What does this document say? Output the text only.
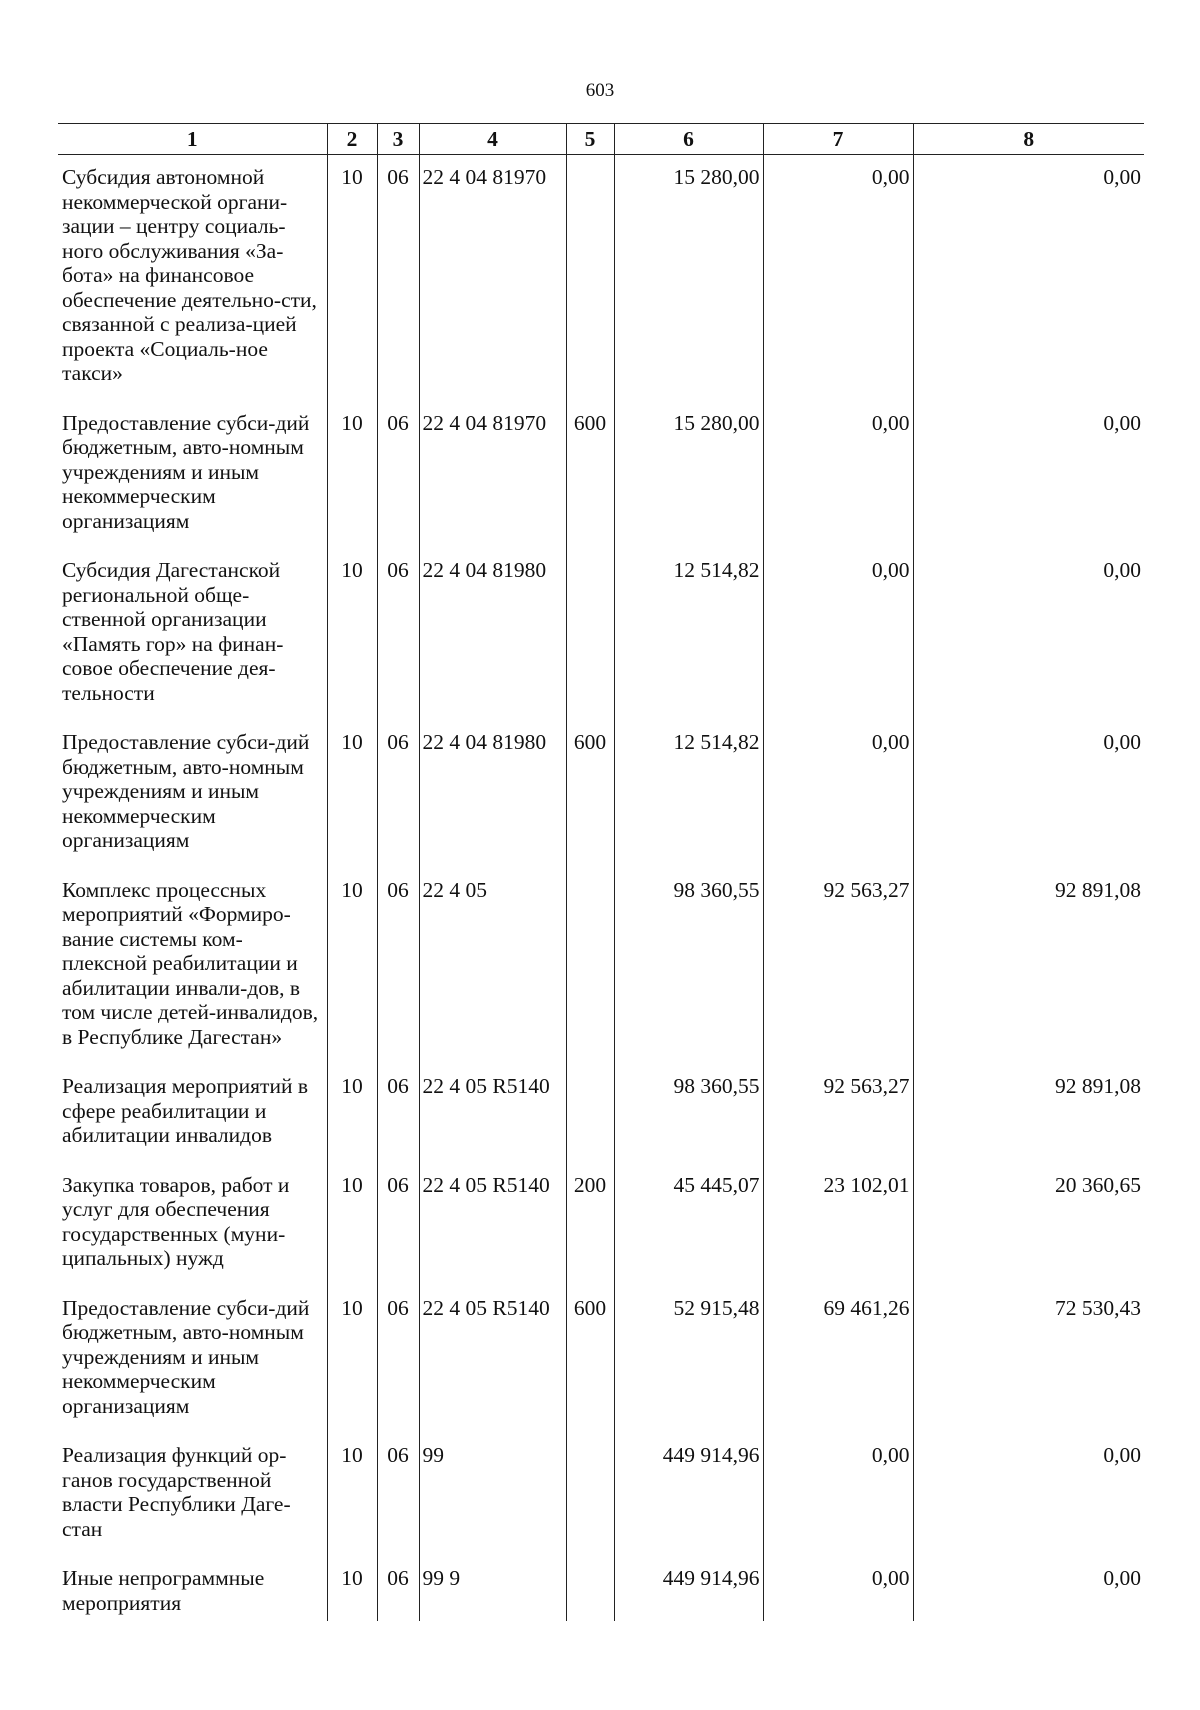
603
1	2	3	4	5	6	7	8
Субсидия автономной некоммерческой органи-зации – центру социаль-ного обслуживания «За-бота» на финансовое обеспечение деятельно-сти, связанной с реализа-цией проекта «Социаль-ное такси»	10	06	22 4 04 81970		15 280,00	0,00	0,00
Предоставление субси-дий бюджетным, авто-номным учреждениям и иным некоммерческим организациям	10	06	22 4 04 81970	600	15 280,00	0,00	0,00
Субсидия Дагестанской региональной обще-ственной организации «Память гор» на финан-совое обеспечение дея-тельности	10	06	22 4 04 81980		12 514,82	0,00	0,00
Предоставление субси-дий бюджетным, авто-номным учреждениям и иным некоммерческим организациям	10	06	22 4 04 81980	600	12 514,82	0,00	0,00
Комплекс процессных мероприятий «Формиро-вание системы ком-плексной реабилитации и абилитации инвали-дов, в том числе детей-инвалидов, в Республике Дагестан»	10	06	22 4 05		98 360,55	92 563,27	92 891,08
Реализация мероприятий в сфере реабилитации и абилитации инвалидов	10	06	22 4 05 R5140		98 360,55	92 563,27	92 891,08
Закупка товаров, работ и услуг для обеспечения государственных (муни-ципальных) нужд	10	06	22 4 05 R5140	200	45 445,07	23 102,01	20 360,65
Предоставление субси-дий бюджетным, авто-номным учреждениям и иным некоммерческим организациям	10	06	22 4 05 R5140	600	52 915,48	69 461,26	72 530,43
Реализация функций ор-ганов государственной власти Республики Даге-стан	10	06	99		449 914,96	0,00	0,00
Иные непрограммные мероприятия	10	06	99 9		449 914,96	0,00	0,00
